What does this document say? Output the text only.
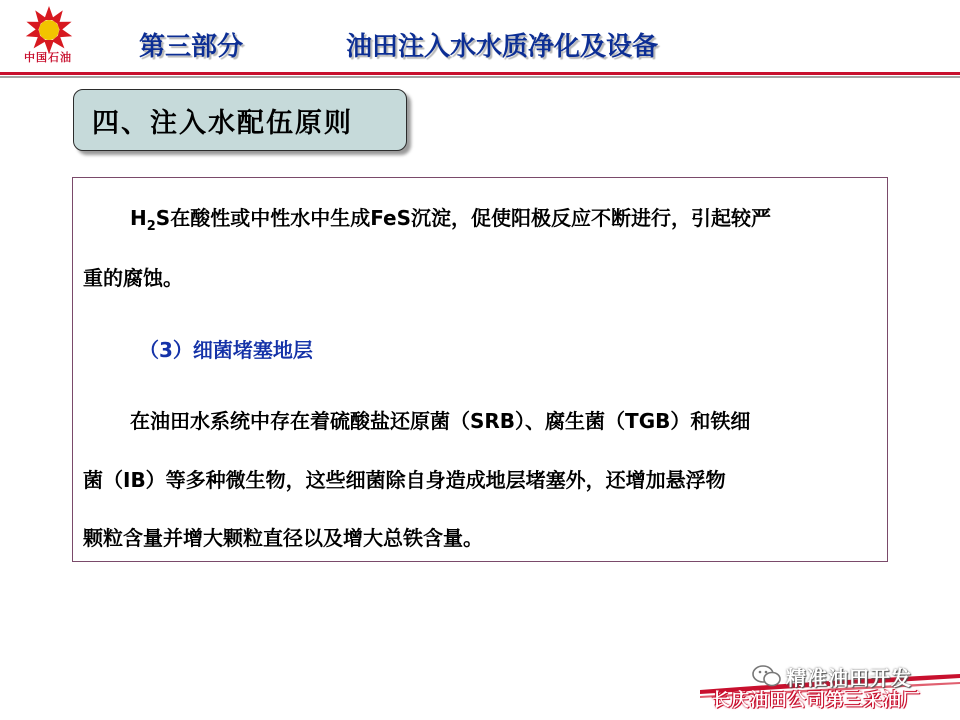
中国石油	第三部分	油田注入水水质净化及设备
四、注入水配伍原则
$H_2S$在酸性或中性水中生成FeS沉淀，促使阳极反应不断进行，引起较严
重的腐蚀。
（3）细菌堵塞地层
在油田水系统中存在着硫酸盐还原菌（SRB）、腐生菌（TGB）和铁细
菌（IB）等多种微生物，这些细菌除自身造成地层堵塞外，还增加悬浮物
颗粒含量并增大颗粒直径以及增大总铁含量。
精准油田开发
长庆油田公司第三采油厂
